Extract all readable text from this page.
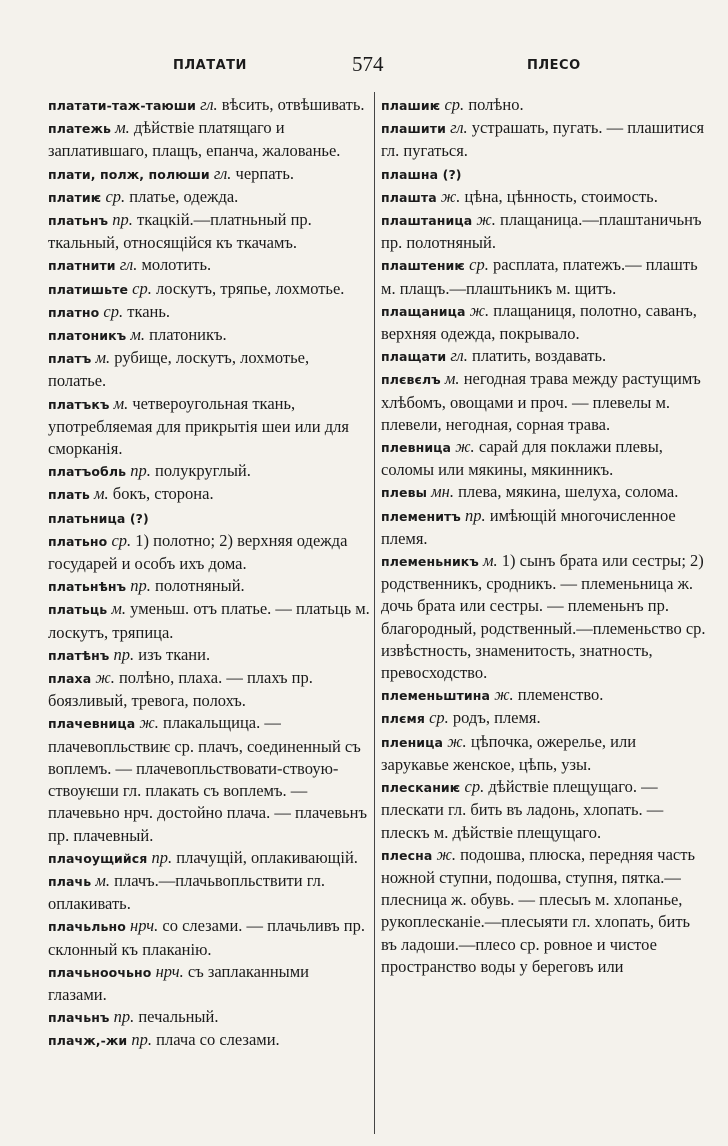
ПЛАТАТИ	574	ПЛЕСО

платати-таж-таюши гл. вѣсить, отвѣшивать.

платежь м. дѣйствіе платящаго и заплатившаго, плащъ, епанча, жалованье.

плати, полж, полюши гл. черпать.

платиѥ ср. платье, одежда.

платьнъ пр. ткацкій.—платньный пр. ткальный, относящійся къ ткачамъ.

платнити гл. молотить.

платишьте ср. лоскутъ, тряпье, лохмотье.

платно ср. ткань.

платоникъ м. платоникъ.

платъ м. рубище, лоскутъ, лохмотье, полатье.

платъкъ м. четвероугольная ткань, употребляемая для прикрытія шеи или для сморканія.

платъобль пр. полукруглый.

плать м. бокъ, сторона.

платьница (?)

платьно ср. 1) полотно; 2) верхняя одежда государей и особъ ихъ дома.

платьнѣнъ пр. полотняный.

платьць м. уменьш. отъ платье. — платьць м. лоскутъ, тряпица.

платѣнъ пр. изъ ткани.

плаха ж. полѣно, плаха. — плахъ пр. боязливый, тревога, полохъ.

плачевница ж. плакальщица. — плачевопльствиѥ ср. плачъ, соединенный съ воплемъ. — плачевопльствовати-ствоую-ствоуѥши гл. плакать съ воплемъ. — плачевьно нрч. достойно плача. — плачевьнъ пр. плачевный.

плачоущийся пр. плачущій, оплакивающій.

плачь м. плачъ.—плачьвопльствити гл. оплакивать.

плачьльно нрч. со слезами. — плачьливъ пр. склонный къ плаканію.

плачьноочьно нрч. съ заплаканными глазами.

плачьнъ пр. печальный.

плачж,-жи пр. плача со слезами.

плашиѥ ср. полѣно.

плашити гл. устрашать, пугать. — плашитися гл. пугаться.

плашна (?)

плашта ж. цѣна, цѣнность, стоимость.

плаштаница ж. плащаница.—плаштаничьнъ пр. полотняный.

плаштениѥ ср. расплата, платежъ.— плашть м. плащъ.—плаштьникъ м. щитъ.

плащаница ж. плащаниця, полотно, саванъ, верхняя одежда, покрывало.

плащати гл. платить, воздавать.

плєвєлъ м. негодная трава между растущимъ хлѣбомъ, овощами и проч. — плевелы м. плевели, негодная, сорная трава.

плевница ж. сарай для поклажи плевы, соломы или мякины, мякинникъ.

плевы мн. плева, мякина, шелуха, солома.

племенитъ пр. имѣющій многочисленное племя.

племеньникъ м. 1) сынъ брата или сестры; 2) родственникъ, сродникъ. — племеньница ж. дочь брата или сестры. — племеньнъ пр. благородный, родственный.—племеньство ср. извѣстность, знаменитость, знатность, превосходство.

племеньштина ж. племенство.

плємя ср. родъ, племя.

пленица ж. цѣпочка, ожерелье, или зарукавье женское, цѣпь, узы.

плесканиѥ ср. дѣйствіе плещущаго. —плескати гл. бить въ ладонь, хлопать. — плескъ м. дѣйствіе плещущаго.

плесна ж. подошва, плюска, передняя часть ножной ступни, подошва, ступня, пятка.—плесница ж. обувь. — плесыъ м. хлопанье, рукоплесканіе.—плесыяти гл. хлопать, бить въ ладоши.—плесо ср. ровное и чистое пространство воды у береговъ или
